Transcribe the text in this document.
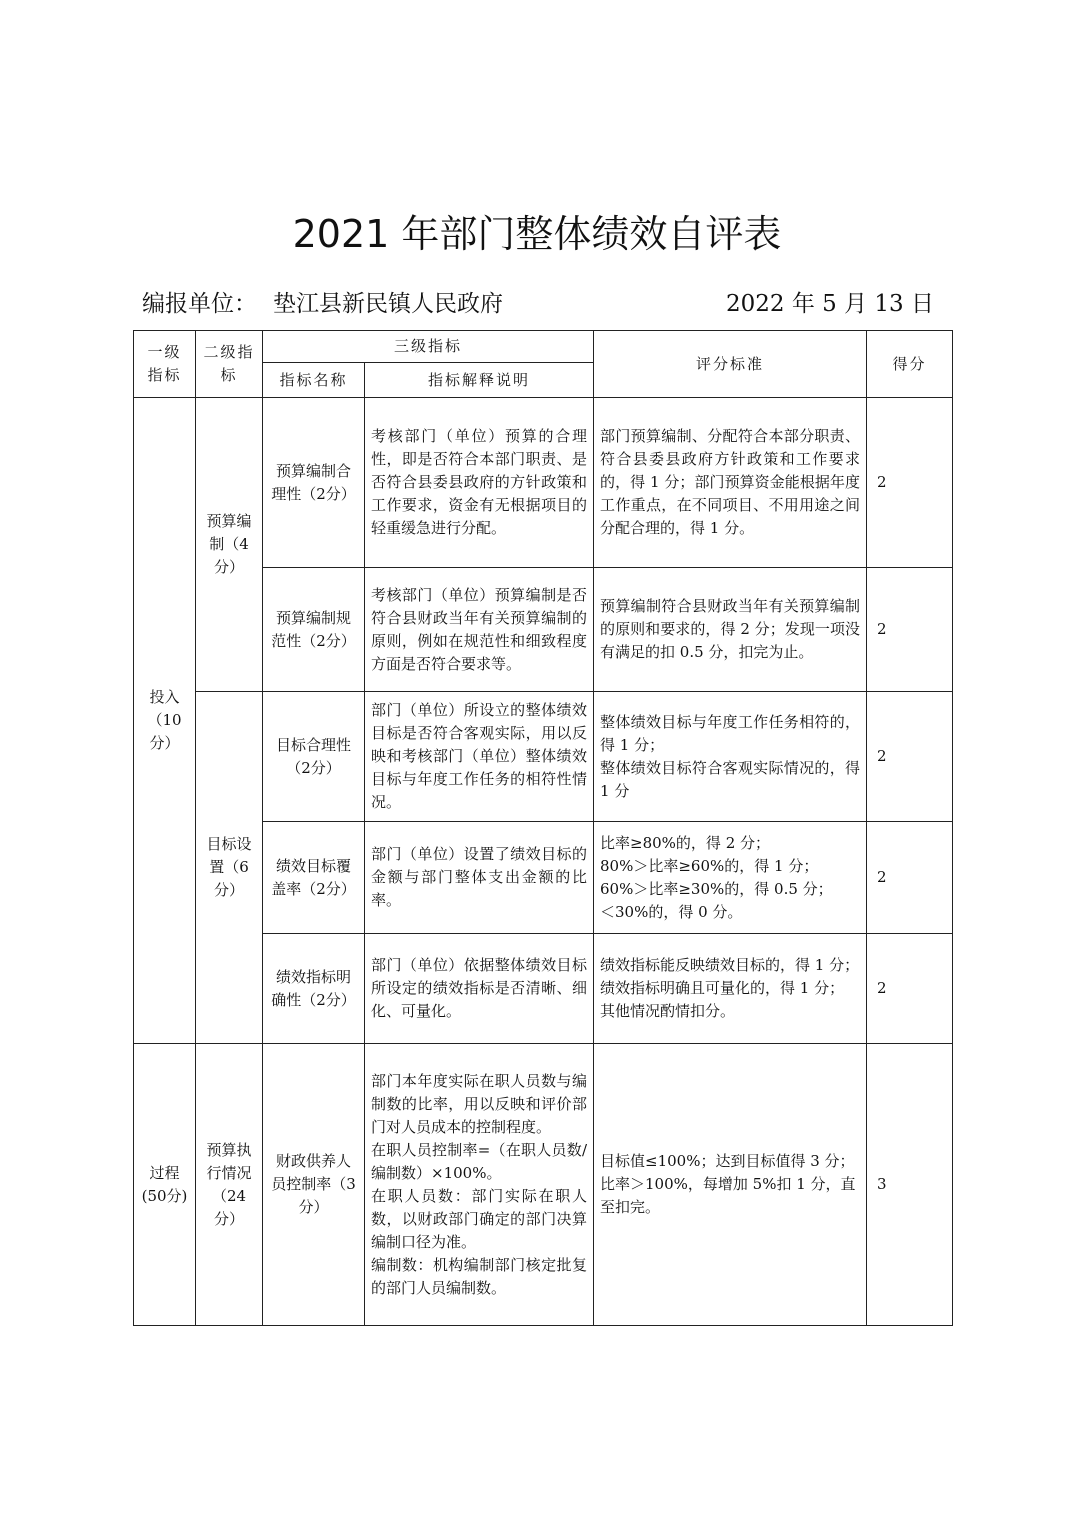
2021 年部门整体绩效自评表
编报单位： 垫江县新民镇人民政府	2022 年 5 月 13 日
一级指标	二级指标	三级指标		评分标准	得分
		指标名称	指标解释说明		
投入（10分）	预算编制（4分）	预算编制合理性（2分）	考核部门（单位）预算的合理性，即是否符合本部门职责、是否符合县委县政府的方针政策和工作要求，资金有无根据项目的轻重缓急进行分配。	部门预算编制、分配符合本部分职责、符合县委县政府方针政策和工作要求的，得 1 分；部门预算资金能根据年度工作重点，在不同项目、不用用途之间分配合理的，得 1 分。	2
		预算编制规范性（2分）	考核部门（单位）预算编制是否符合县财政当年有关预算编制的原则，例如在规范性和细致程度方面是否符合要求等。	预算编制符合县财政当年有关预算编制的原则和要求的，得 2 分；发现一项没有满足的扣 0.5 分，扣完为止。	2
	目标设置（6分）	目标合理性（2分）	部门（单位）所设立的整体绩效目标是否符合客观实际，用以反映和考核部门（单位）整体绩效目标与年度工作任务的相符性情况。	整体绩效目标与年度工作任务相符的，得 1 分；
整体绩效目标符合客观实际情况的，得 1 分	2
		绩效目标覆盖率（2分）	部门（单位）设置了绩效目标的金额与部门整体支出金额的比率。	比率≥80%的，得 2 分；
80%＞比率≥60%的，得 1 分；
60%＞比率≥30%的，得 0.5 分；
＜30%的，得 0 分。	2
		绩效指标明确性（2分）	部门（单位）依据整体绩效目标所设定的绩效指标是否清晰、细化、可量化。	绩效指标能反映绩效目标的，得 1 分；
绩效指标明确且可量化的，得 1 分；
其他情况酌情扣分。	2
过程(50分)	预算执行情况（24分）	财政供养人员控制率（3分）	部门本年度实际在职人员数与编制数的比率，用以反映和评价部门对人员成本的控制程度。
在职人员控制率=（在职人员数/编制数）×100%。
在职人员数：部门实际在职人数，以财政部门确定的部门决算编制口径为准。
编制数：机构编制部门核定批复的部门人员编制数。	目标值≤100%；达到目标值得 3 分；
比率＞100%，每增加 5%扣 1 分，直至扣完。	3
